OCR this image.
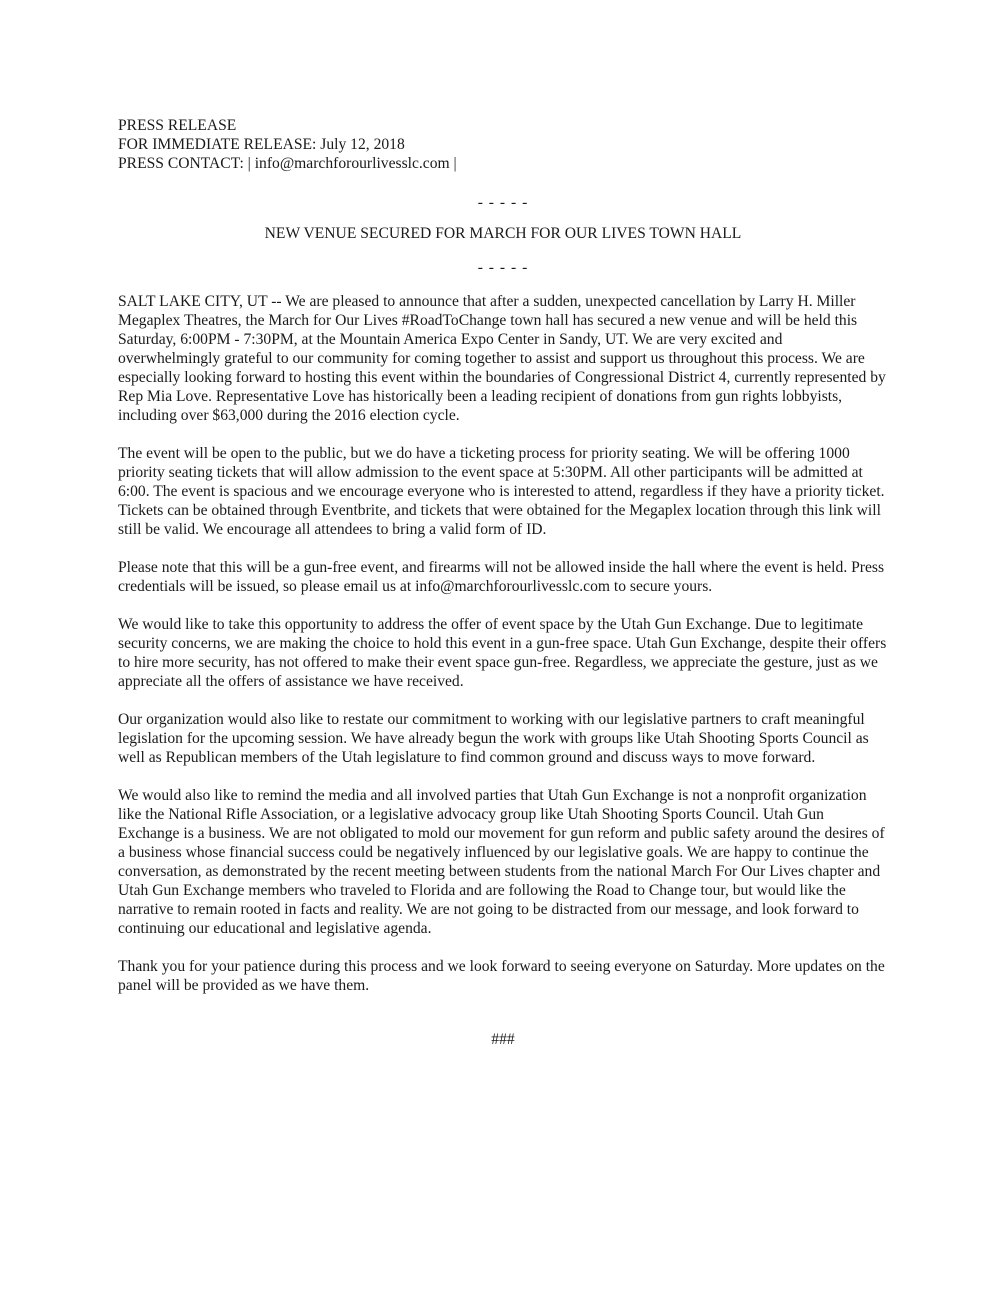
PRESS RELEASE
FOR IMMEDIATE RELEASE: July 12, 2018
PRESS CONTACT: | info@marchforourlivesslc.com |
- - - - -
NEW VENUE SECURED FOR MARCH FOR OUR LIVES TOWN HALL
- - - - -

SALT LAKE CITY, UT -- We are pleased to announce that after a sudden, unexpected cancellation by Larry H. Miller Megaplex Theatres, the March for Our Lives #RoadToChange town hall has secured a new venue and will be held this Saturday, 6:00PM - 7:30PM, at the Mountain America Expo Center in Sandy, UT. We are very excited and overwhelmingly grateful to our community for coming together to assist and support us throughout this process. We are especially looking forward to hosting this event within the boundaries of Congressional District 4, currently represented by Rep Mia Love. Representative Love has historically been a leading recipient of donations from gun rights lobbyists, including over $63,000 during the 2016 election cycle.

The event will be open to the public, but we do have a ticketing process for priority seating. We will be offering 1000 priority seating tickets that will allow admission to the event space at 5:30PM. All other participants will be admitted at 6:00. The event is spacious and we encourage everyone who is interested to attend, regardless if they have a priority ticket. Tickets can be obtained through Eventbrite, and tickets that were obtained for the Megaplex location through this link will still be valid. We encourage all attendees to bring a valid form of ID.

Please note that this will be a gun-free event, and firearms will not be allowed inside the hall where the event is held. Press credentials will be issued, so please email us at info@marchforourlivesslc.com to secure yours.

We would like to take this opportunity to address the offer of event space by the Utah Gun Exchange. Due to legitimate security concerns, we are making the choice to hold this event in a gun-free space. Utah Gun Exchange, despite their offers to hire more security, has not offered to make their event space gun-free. Regardless, we appreciate the gesture, just as we appreciate all the offers of assistance we have received.

Our organization would also like to restate our commitment to working with our legislative partners to craft meaningful legislation for the upcoming session. We have already begun the work with groups like Utah Shooting Sports Council as well as Republican members of the Utah legislature to find common ground and discuss ways to move forward.

We would also like to remind the media and all involved parties that Utah Gun Exchange is not a nonprofit organization like the National Rifle Association, or a legislative advocacy group like Utah Shooting Sports Council. Utah Gun Exchange is a business. We are not obligated to mold our movement for gun reform and public safety around the desires of a business whose financial success could be negatively influenced by our legislative goals. We are happy to continue the conversation, as demonstrated by the recent meeting between students from the national March For Our Lives chapter and Utah Gun Exchange members who traveled to Florida and are following the Road to Change tour, but would like the narrative to remain rooted in facts and reality. We are not going to be distracted from our message, and look forward to continuing our educational and legislative agenda.

Thank you for your patience during this process and we look forward to seeing everyone on Saturday. More updates on the panel will be provided as we have them.

###
